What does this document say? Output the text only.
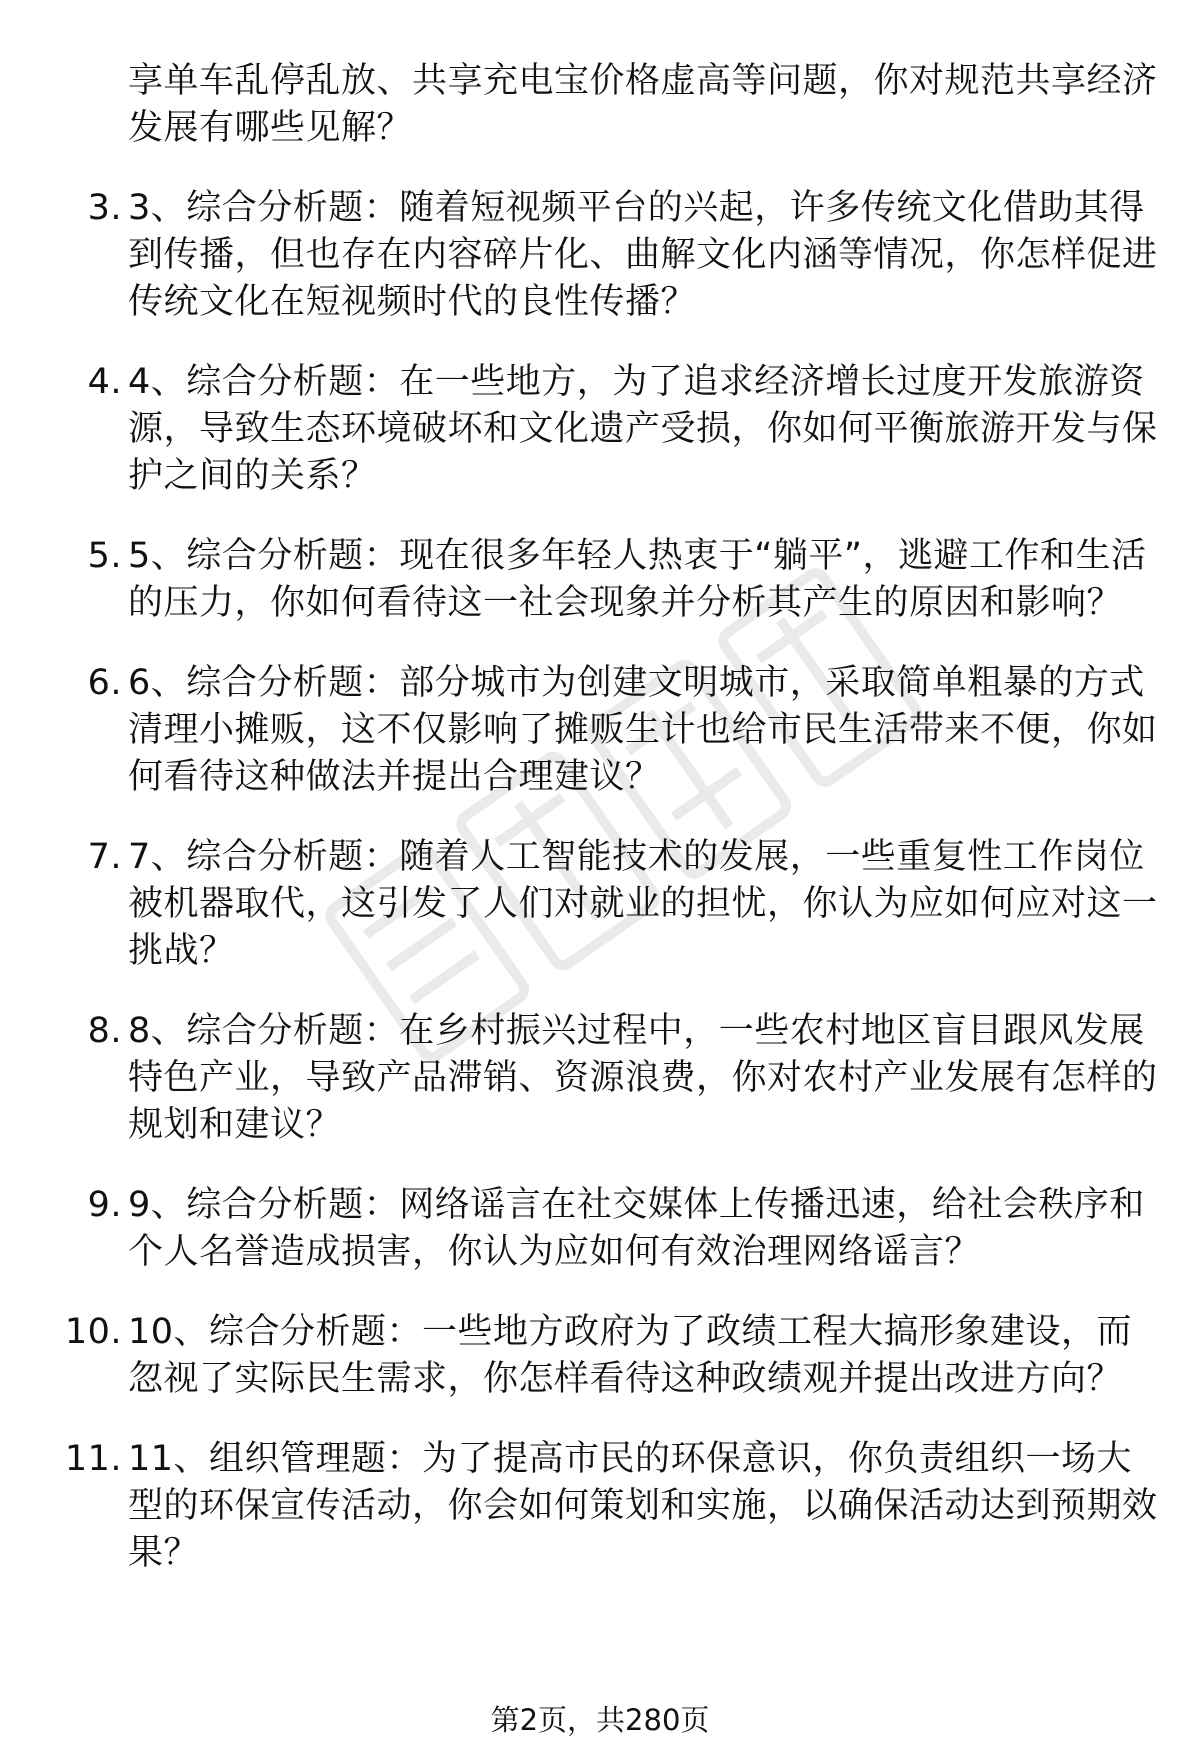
享单车乱停乱放、共享充电宝价格虚高等问题，你对规范共享经济发展有哪些见解？
3. 3、综合分析题：随着短视频平台的兴起，许多传统文化借助其得到传播，但也存在内容碎片化、曲解文化内涵等情况，你怎样促进传统文化在短视频时代的良性传播？
4. 4、综合分析题：在一些地方，为了追求经济增长过度开发旅游资源，导致生态环境破坏和文化遗产受损，你如何平衡旅游开发与保护之间的关系？
5. 5、综合分析题：现在很多年轻人热衷于“躺平”，逃避工作和生活的压力，你如何看待这一社会现象并分析其产生的原因和影响？
6. 6、综合分析题：部分城市为创建文明城市，采取简单粗暴的方式清理小摊贩，这不仅影响了摊贩生计也给市民生活带来不便，你如何看待这种做法并提出合理建议？
7. 7、综合分析题：随着人工智能技术的发展，一些重复性工作岗位被机器取代，这引发了人们对就业的担忧，你认为应如何应对这一挑战？
8. 8、综合分析题：在乡村振兴过程中，一些农村地区盲目跟风发展特色产业，导致产品滞销、资源浪费，你对农村产业发展有怎样的规划和建议？
9. 9、综合分析题：网络谣言在社交媒体上传播迅速，给社会秩序和个人名誉造成损害，你认为应如何有效治理网络谣言？
10. 10、综合分析题：一些地方政府为了政绩工程大搞形象建设，而忽视了实际民生需求，你怎样看待这种政绩观并提出改进方向？
11. 11、组织管理题：为了提高市民的环保意识，你负责组织一场大型的环保宣传活动，你会如何策划和实施，以确保活动达到预期效果？
第2页，共280页
